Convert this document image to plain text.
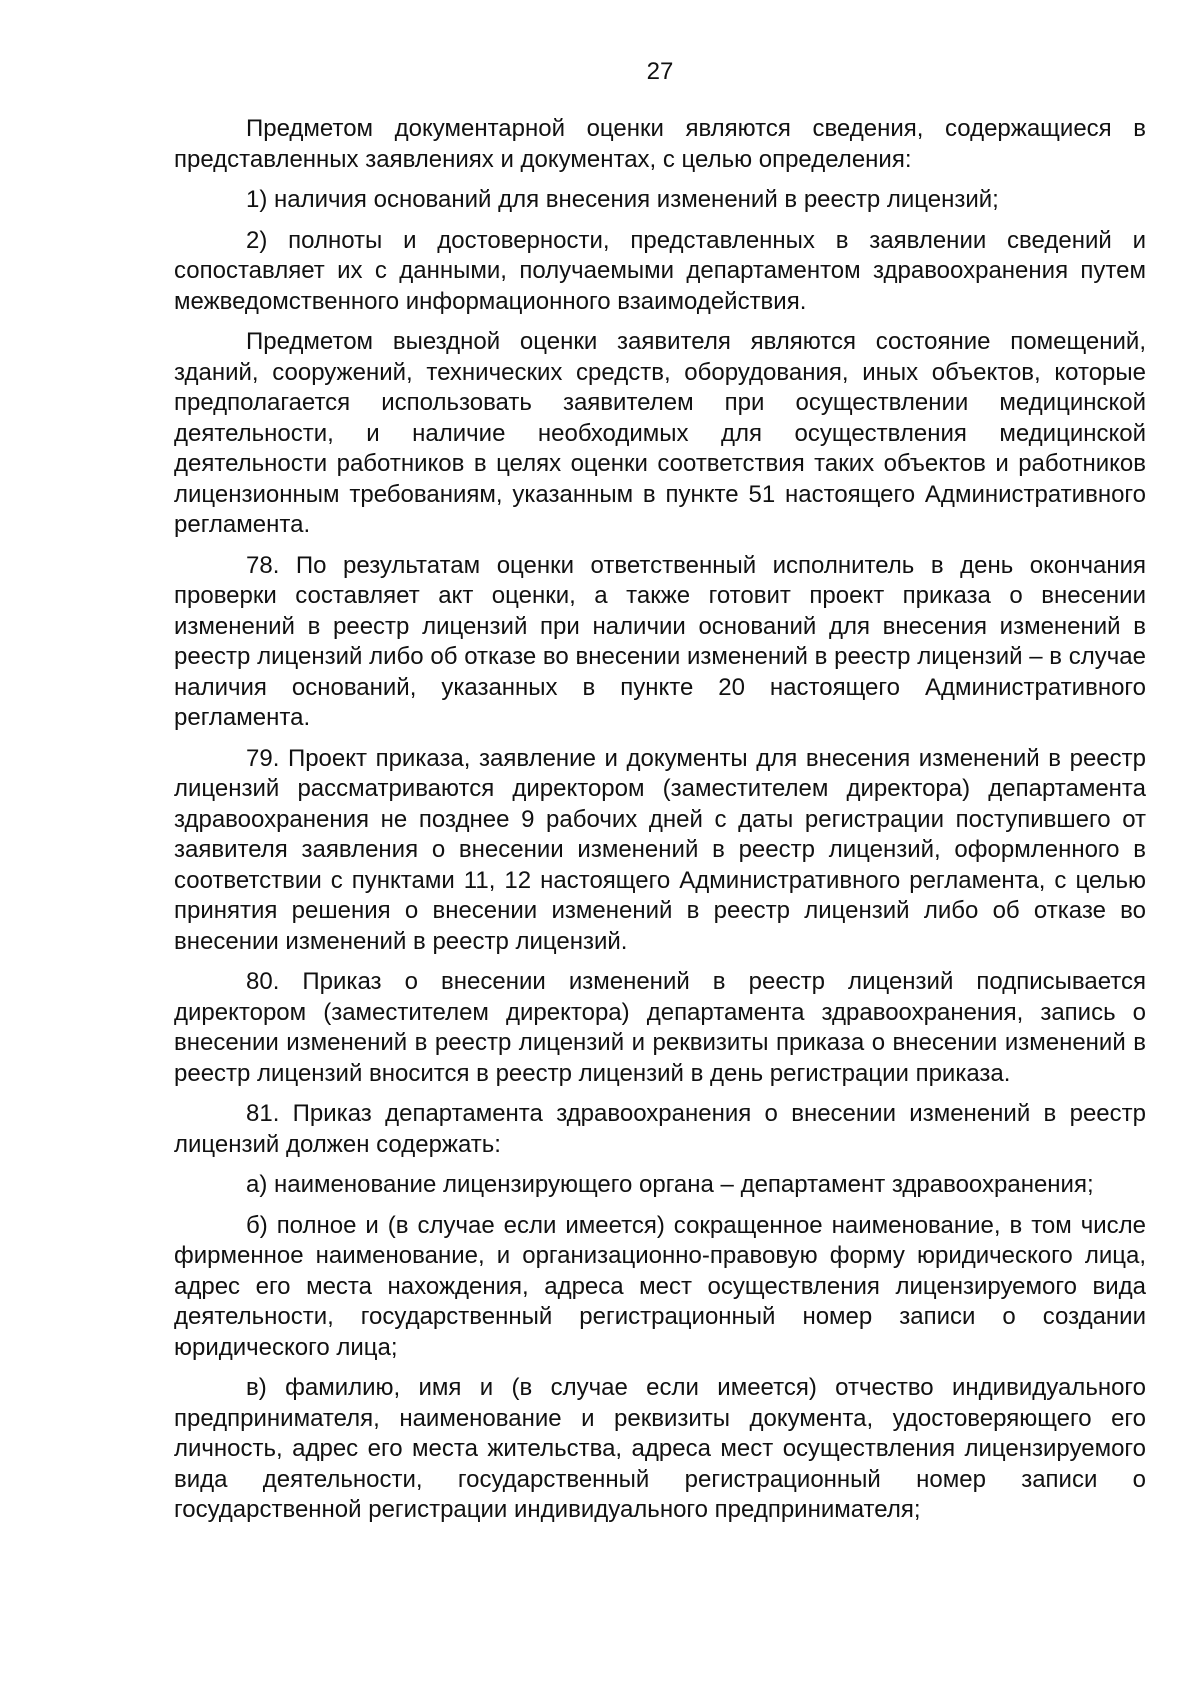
27

Предметом документарной оценки являются сведения, содержащиеся в представленных заявлениях и документах, с целью определения:

1) наличия оснований для внесения изменений в реестр лицензий;

2) полноты и достоверности, представленных в заявлении сведений и сопоставляет их с данными, получаемыми департаментом здравоохранения путем межведомственного информационного взаимодействия.

Предметом выездной оценки заявителя являются состояние помещений, зданий, сооружений, технических средств, оборудования, иных объектов, которые предполагается использовать заявителем при осуществлении медицинской деятельности, и наличие необходимых для осуществления медицинской деятельности работников в целях оценки соответствия таких объектов и работников лицензионным требованиям, указанным в пункте 51 настоящего Административного регламента.

78. По результатам оценки ответственный исполнитель в день окончания проверки составляет акт оценки, а также готовит проект приказа о внесении изменений в реестр лицензий при наличии оснований для внесения изменений в реестр лицензий либо об отказе во внесении изменений в реестр лицензий – в случае наличия оснований, указанных в пункте 20 настоящего Административного регламента.

79. Проект приказа, заявление и документы для внесения изменений в реестр лицензий рассматриваются директором (заместителем директора) департамента здравоохранения не позднее 9 рабочих дней с даты регистрации поступившего от заявителя заявления о внесении изменений в реестр лицензий, оформленного в соответствии с пунктами 11, 12 настоящего Административного регламента, с целью принятия решения о внесении изменений в реестр лицензий либо об отказе во внесении изменений в реестр лицензий.

80. Приказ о внесении изменений в реестр лицензий подписывается директором (заместителем директора) департамента здравоохранения, запись о внесении изменений в реестр лицензий и реквизиты приказа о внесении изменений в реестр лицензий вносится в реестр лицензий в день регистрации приказа.

81. Приказ департамента здравоохранения о внесении изменений в реестр лицензий должен содержать:

а) наименование лицензирующего органа – департамент здравоохранения;

б) полное и (в случае если имеется) сокращенное наименование, в том числе фирменное наименование, и организационно-правовую форму юридического лица, адрес его места нахождения, адреса мест осуществления лицензируемого вида деятельности, государственный регистрационный номер записи о создании юридического лица;

в) фамилию, имя и (в случае если имеется) отчество индивидуального предпринимателя, наименование и реквизиты документа, удостоверяющего его личность, адрес его места жительства, адреса мест осуществления лицензируемого вида деятельности, государственный регистрационный номер записи о государственной регистрации индивидуального предпринимателя;
